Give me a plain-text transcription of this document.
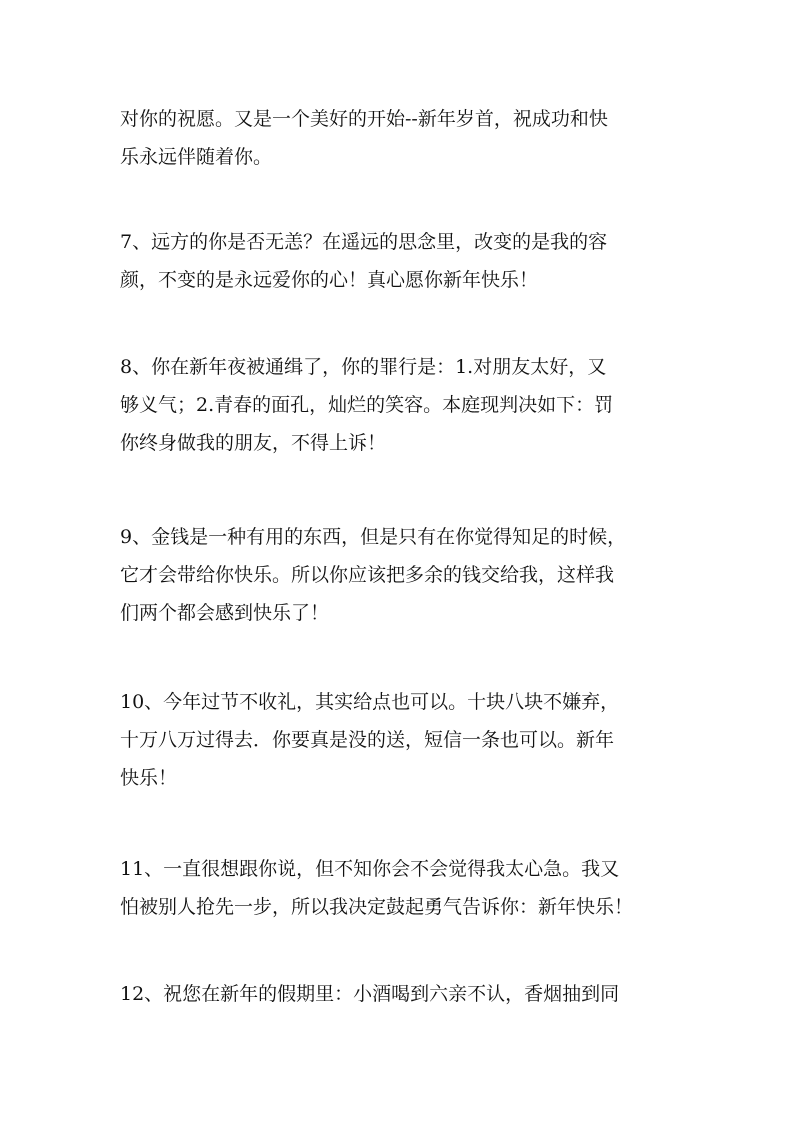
对你的祝愿。又是一个美好的开始--新年岁首，祝成功和快
乐永远伴随着你。

7、远方的你是否无恙？在遥远的思念里，改变的是我的容
颜，不变的是永远爱你的心！真心愿你新年快乐！

8、你在新年夜被通缉了，你的罪行是：1.对朋友太好，又
够义气；2.青春的面孔，灿烂的笑容。本庭现判决如下：罚
你终身做我的朋友，不得上诉！

9、金钱是一种有用的东西，但是只有在你觉得知足的时候，
它才会带给你快乐。所以你应该把多余的钱交给我，这样我
们两个都会感到快乐了！

10、今年过节不收礼，其实给点也可以。十块八块不嫌弃，
十万八万过得去．你要真是没的送，短信一条也可以。新年
快乐！

11、一直很想跟你说，但不知你会不会觉得我太心急。我又
怕被别人抢先一步，所以我决定鼓起勇气告诉你：新年快乐！

12、祝您在新年的假期里：小酒喝到六亲不认，香烟抽到同
